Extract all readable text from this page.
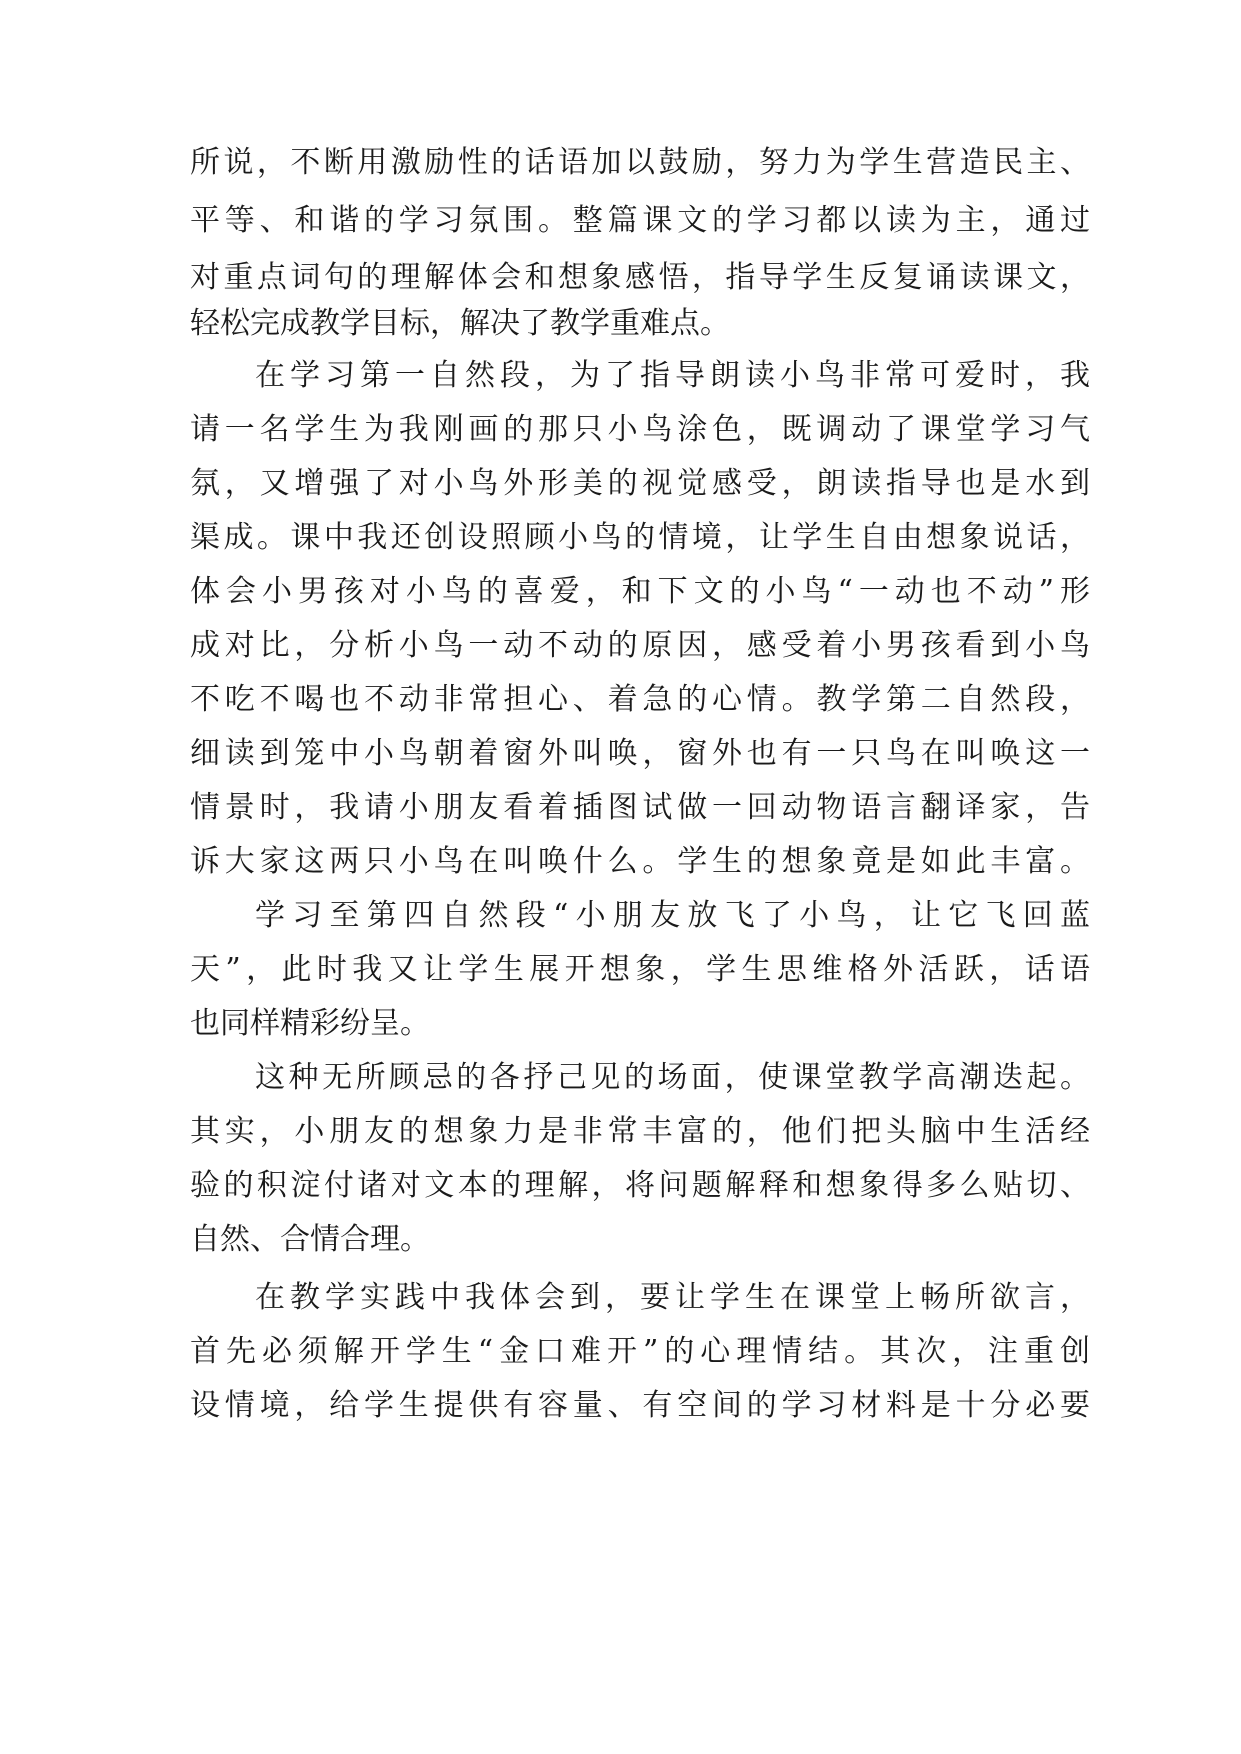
所说，不断用激励性的话语加以鼓励，努力为学生营造民主、

平等、和谐的学习氛围。整篇课文的学习都以读为主，通过

对重点词句的理解体会和想象感悟，指导学生反复诵读课文，

轻松完成教学目标，解决了教学重难点。

在学习第一自然段，为了指导朗读小鸟非常可爱时，我

请一名学生为我刚画的那只小鸟涂色，既调动了课堂学习气

氛，又增强了对小鸟外形美的视觉感受，朗读指导也是水到

渠成。课中我还创设照顾小鸟的情境，让学生自由想象说话，

体会小男孩对小鸟的喜爱，和下文的小鸟“一动也不动”形

成对比，分析小鸟一动不动的原因，感受着小男孩看到小鸟

不吃不喝也不动非常担心、着急的心情。教学第二自然段，

细读到笼中小鸟朝着窗外叫唤，窗外也有一只鸟在叫唤这一

情景时，我请小朋友看着插图试做一回动物语言翻译家，告

诉大家这两只小鸟在叫唤什么。学生的想象竟是如此丰富。

学习至第四自然段“小朋友放飞了小鸟，让它飞回蓝

天”，此时我又让学生展开想象，学生思维格外活跃，话语

也同样精彩纷呈。

这种无所顾忌的各抒己见的场面，使课堂教学高潮迭起。

其实，小朋友的想象力是非常丰富的，他们把头脑中生活经

验的积淀付诸对文本的理解，将问题解释和想象得多么贴切、

自然、合情合理。

在教学实践中我体会到，要让学生在课堂上畅所欲言，

首先必须解开学生“金口难开”的心理情结。其次，注重创

设情境，给学生提供有容量、有空间的学习材料是十分必要
